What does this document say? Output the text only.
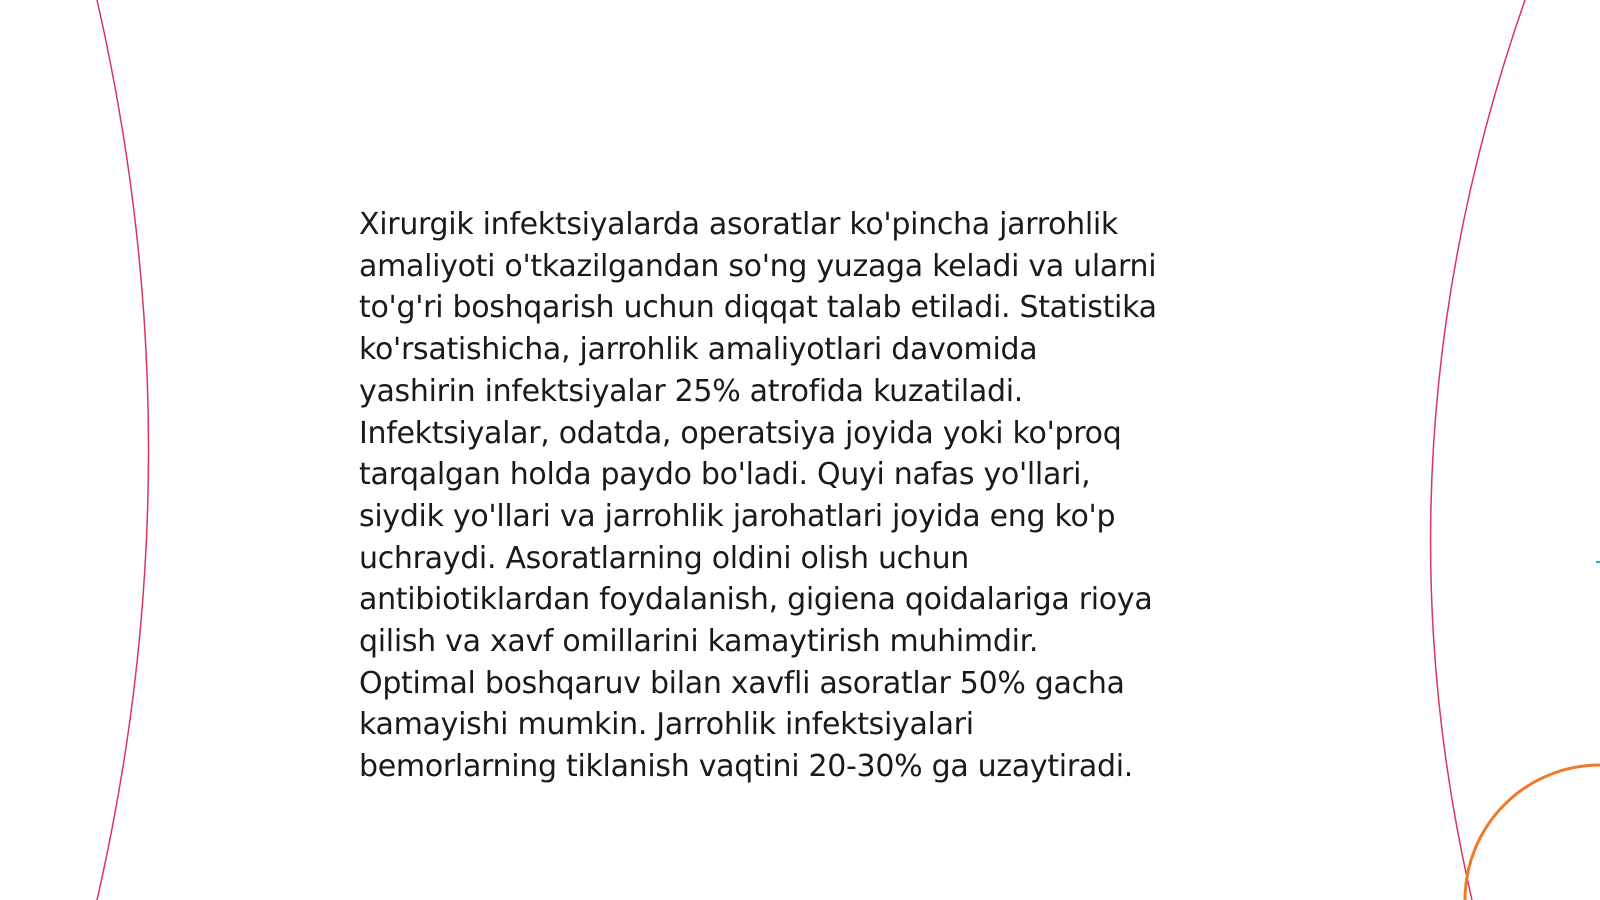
Xirurgik infektsiyalarda asoratlar ko'pincha jarrohlik
amaliyoti o'tkazilgandan so'ng yuzaga keladi va ularni
to'g'ri boshqarish uchun diqqat talab etiladi. Statistika
ko'rsatishicha, jarrohlik amaliyotlari davomida
yashirin infektsiyalar 25% atrofida kuzatiladi.
Infektsiyalar, odatda, operatsiya joyida yoki ko'proq
tarqalgan holda paydo bo'ladi. Quyi nafas yo'llari,
siydik yo'llari va jarrohlik jarohatlari joyida eng ko'p
uchraydi. Asoratlarning oldini olish uchun
antibiotiklardan foydalanish, gigiena qoidalariga rioya
qilish va xavf omillarini kamaytirish muhimdir.
Optimal boshqaruv bilan xavfli asoratlar 50% gacha
kamayishi mumkin. Jarrohlik infektsiyalari
bemorlarning tiklanish vaqtini 20-30% ga uzaytiradi.
